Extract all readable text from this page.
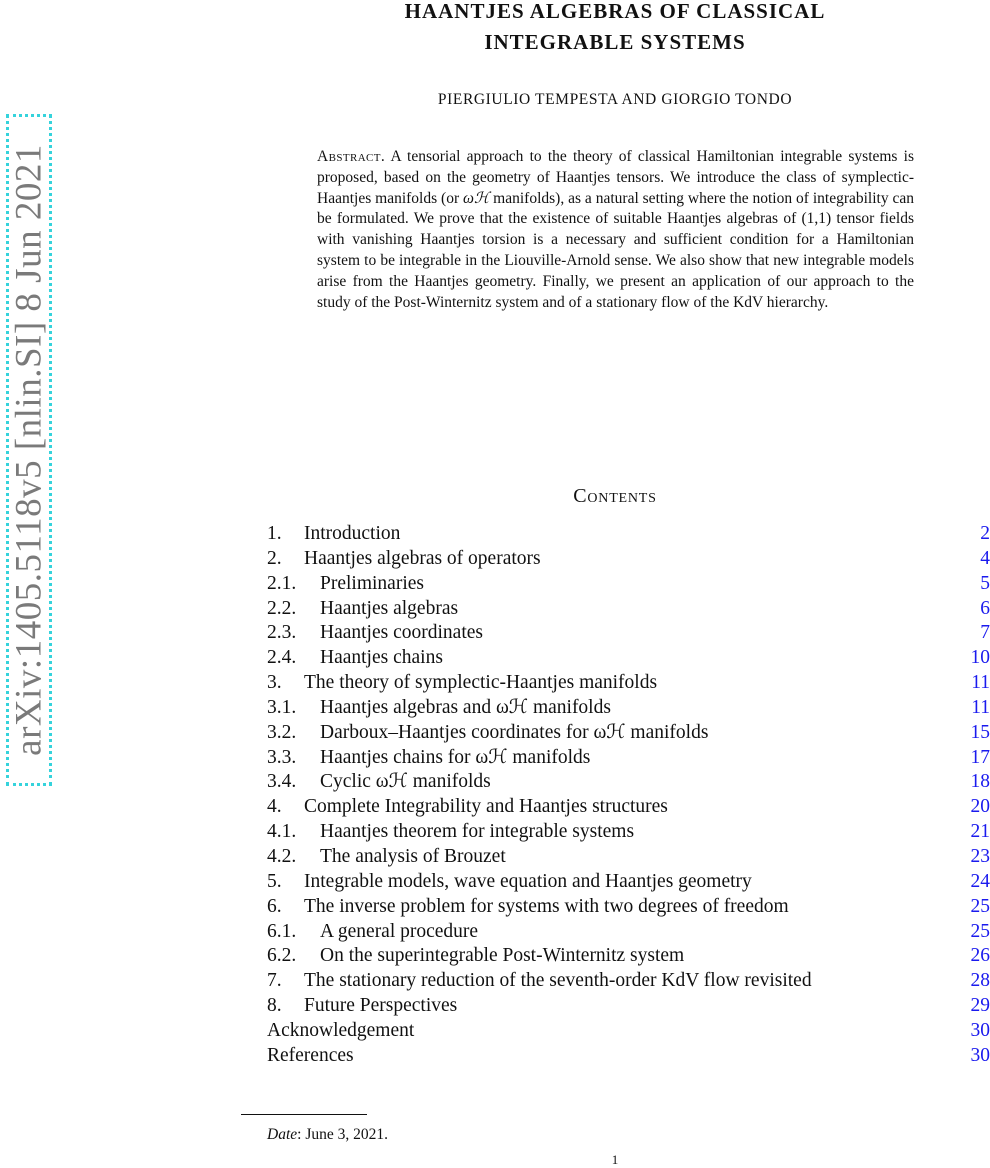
arXiv:1405.5118v5 [nlin.SI] 8 Jun 2021
HAANTJES ALGEBRAS OF CLASSICAL
INTEGRABLE SYSTEMS
PIERGIULIO TEMPESTA AND GIORGIO TONDO
Abstract. A tensorial approach to the theory of classical Hamiltonian integrable systems is proposed, based on the geometry of Haantjes tensors. We introduce the class of symplectic-Haantjes manifolds (or ωℋ manifolds), as a natural setting where the notion of integrability can be formulated. We prove that the existence of suitable Haantjes algebras of (1,1) tensor fields with vanishing Haantjes torsion is a necessary and sufficient condition for a Hamiltonian system to be integrable in the Liouville-Arnold sense. We also show that new integrable models arise from the Haantjes geometry. Finally, we present an application of our approach to the study of the Post-Winternitz system and of a stationary flow of the KdV hierarchy.
Contents
1. Introduction	2
2. Haantjes algebras of operators	4
2.1. Preliminaries	5
2.2. Haantjes algebras	6
2.3. Haantjes coordinates	7
2.4. Haantjes chains	10
3. The theory of symplectic-Haantjes manifolds	11
3.1. Haantjes algebras and ωℋ manifolds	11
3.2. Darboux–Haantjes coordinates for ωℋ manifolds	15
3.3. Haantjes chains for ωℋ manifolds	17
3.4. Cyclic ωℋ manifolds	18
4. Complete Integrability and Haantjes structures	20
4.1. Haantjes theorem for integrable systems	21
4.2. The analysis of Brouzet	23
5. Integrable models, wave equation and Haantjes geometry	24
6. The inverse problem for systems with two degrees of freedom	25
6.1. A general procedure	25
6.2. On the superintegrable Post-Winternitz system	26
7. The stationary reduction of the seventh-order KdV flow revisited	28
8. Future Perspectives	29
Acknowledgement	30
References	30
Date: June 3, 2021.
1
